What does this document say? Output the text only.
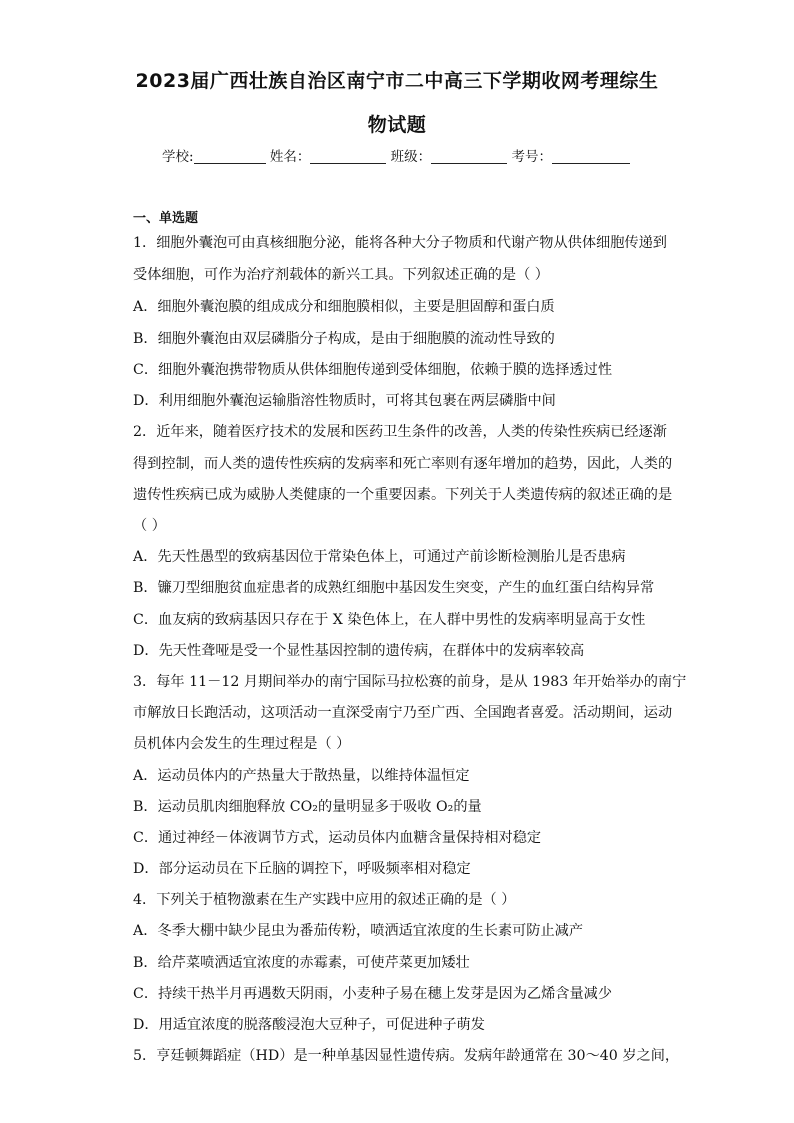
2023届广西壮族自治区南宁市二中高三下学期收网考理综生
物试题
学校:	姓名：	班级：	考号：
一、单选题
1．细胞外囊泡可由真核细胞分泌，能将各种大分子物质和代谢产物从供体细胞传递到
受体细胞，可作为治疗剂载体的新兴工具。下列叙述正确的是（ ）
A．细胞外囊泡膜的组成成分和细胞膜相似，主要是胆固醇和蛋白质
B．细胞外囊泡由双层磷脂分子构成，是由于细胞膜的流动性导致的
C．细胞外囊泡携带物质从供体细胞传递到受体细胞，依赖于膜的选择透过性
D．利用细胞外囊泡运输脂溶性物质时，可将其包裹在两层磷脂中间
2．近年来，随着医疗技术的发展和医药卫生条件的改善，人类的传染性疾病已经逐渐
得到控制，而人类的遗传性疾病的发病率和死亡率则有逐年增加的趋势，因此，人类的
遗传性疾病已成为威胁人类健康的一个重要因素。下列关于人类遗传病的叙述正确的是
（ ）
A．先天性愚型的致病基因位于常染色体上，可通过产前诊断检测胎儿是否患病
B．镰刀型细胞贫血症患者的成熟红细胞中基因发生突变，产生的血红蛋白结构异常
C．血友病的致病基因只存在于 X 染色体上，在人群中男性的发病率明显高于女性
D．先天性聋哑是受一个显性基因控制的遗传病，在群体中的发病率较高
3．每年 11－12 月期间举办的南宁国际马拉松赛的前身，是从 1983 年开始举办的南宁
市解放日长跑活动，这项活动一直深受南宁乃至广西、全国跑者喜爱。活动期间，运动
员机体内会发生的生理过程是（ ）
A．运动员体内的产热量大于散热量，以维持体温恒定
B．运动员肌肉细胞释放 CO₂的量明显多于吸收 O₂的量
C．通过神经－体液调节方式，运动员体内血糖含量保持相对稳定
D．部分运动员在下丘脑的调控下，呼吸频率相对稳定
4．下列关于植物激素在生产实践中应用的叙述正确的是（ ）
A．冬季大棚中缺少昆虫为番茄传粉，喷洒适宜浓度的生长素可防止减产
B．给芹菜喷洒适宜浓度的赤霉素，可使芹菜更加矮壮
C．持续干热半月再遇数天阴雨，小麦种子易在穗上发芽是因为乙烯含量减少
D．用适宜浓度的脱落酸浸泡大豆种子，可促进种子萌发
5．亨廷顿舞蹈症（HD）是一种单基因显性遗传病。发病年龄通常在 30～40 岁之间，
